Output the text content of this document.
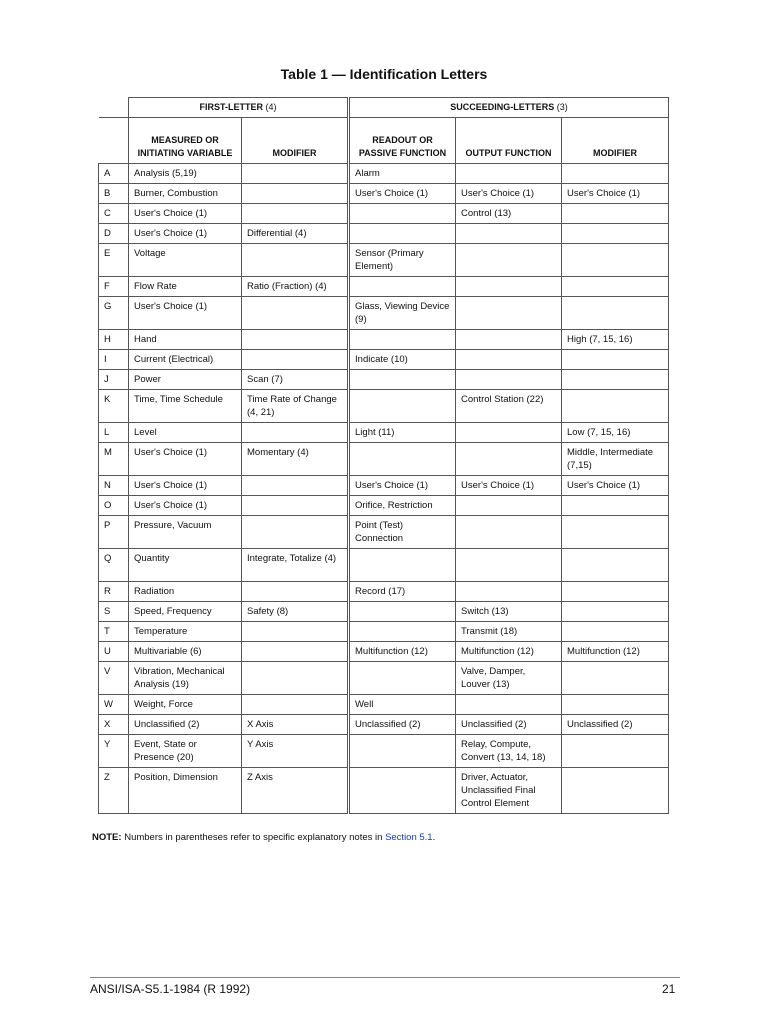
Table 1 — Identification Letters
	FIRST-LETTER (4)		SUCCEEDING-LETTERS (3)		
	MEASURED OR INITIATING VARIABLE	MODIFIER	READOUT OR PASSIVE FUNCTION	OUTPUT FUNCTION	MODIFIER
A	Analysis (5,19)		Alarm		
B	Burner, Combustion		User's Choice (1)	User's Choice (1)	User's Choice (1)
C	User's Choice (1)			Control (13)	
D	User's Choice (1)	Differential (4)			
E	Voltage		Sensor (Primary Element)		
F	Flow Rate	Ratio (Fraction) (4)			
G	User's Choice (1)		Glass, Viewing Device (9)		
H	Hand				High (7, 15, 16)
I	Current (Electrical)		Indicate (10)		
J	Power	Scan (7)			
K	Time, Time Schedule	Time Rate of Change (4, 21)		Control Station (22)	
L	Level		Light (11)		Low (7, 15, 16)
M	User's Choice (1)	Momentary (4)			Middle, Intermediate (7,15)
N	User's Choice (1)		User's Choice (1)	User's Choice (1)	User's Choice (1)
O	User's Choice (1)		Orifice, Restriction		
P	Pressure, Vacuum		Point (Test) Connection		
Q	Quantity	Integrate, Totalize (4)			
R	Radiation		Record (17)		
S	Speed, Frequency	Safety (8)		Switch (13)	
T	Temperature			Transmit (18)	
U	Multivariable (6)		Multifunction (12)	Multifunction (12)	Multifunction (12)
V	Vibration, Mechanical Analysis (19)			Valve, Damper, Louver (13)	
W	Weight, Force		Well		
X	Unclassified (2)	X Axis	Unclassified (2)	Unclassified (2)	Unclassified (2)
Y	Event, State or Presence (20)	Y Axis		Relay, Compute, Convert (13, 14, 18)	
Z	Position, Dimension	Z Axis		Driver, Actuator, Unclassified Final Control Element	
NOTE: Numbers in parentheses refer to specific explanatory notes in Section 5.1.
ANSI/ISA-S5.1-1984 (R 1992)	21
